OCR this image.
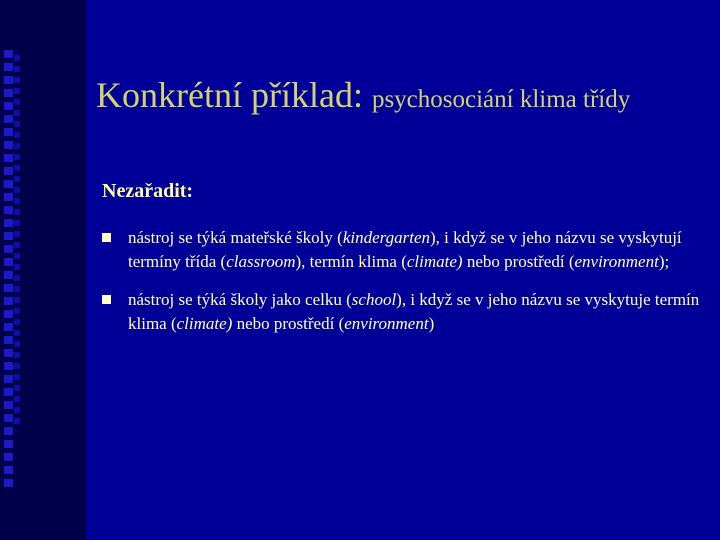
Konkrétní příklad: psychosociání klima třídy
Nezařadit:
nástroj se týká mateřské školy (kindergarten), i když se v jeho názvu se vyskytují termíny třída (classroom), termín klima (climate) nebo prostředí (environment);
nástroj se týká školy jako celku (school), i když se v jeho názvu se vyskytuje termín klima (climate) nebo prostředí (environment)
